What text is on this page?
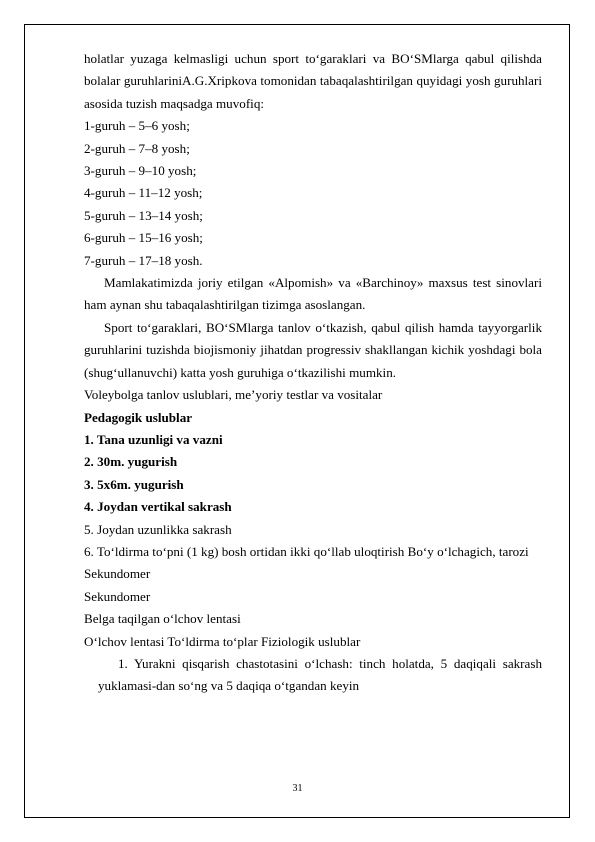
holatlar yuzaga kelmasligi uchun sport to‘garaklari va BO‘SMlarga qabul qilishda bolalar guruhlariniA.G.Xripkova tomonidan tabaqalashtirilgan quyidagi yosh guruhlari asosida tuzish maqsadga muvofiq:

1-guruh – 5–6 yosh;

2-guruh – 7–8 yosh;

3-guruh – 9–10 yosh;

4-guruh – 11–12 yosh;

5-guruh – 13–14 yosh;

6-guruh – 15–16 yosh;

7-guruh – 17–18 yosh.

Mamlakatimizda joriy etilgan «Alpomish» va «Barchinoy» maxsus test sinovlari ham aynan shu tabaqalashtirilgan tizimga asoslangan.

Sport to‘garaklari, BO‘SMlarga tanlov o‘tkazish, qabul qilish hamda tayyorgarlik guruhlarini tuzishda biojismoniy jihatdan progressiv shakllangan kichik yoshdagi bola (shug‘ullanuvchi) katta yosh guruhiga o‘tkazilishi mumkin.

Voleybolga tanlov uslublari, me’yoriy testlar va vositalar

Pedagogik uslublar

1. Tana uzunligi va vazni

2. 30m. yugurish

3. 5x6m. yugurish

4. Joydan vertikal sakrash

5. Joydan uzunlikka sakrash

6. To‘ldirma to‘pni (1 kg) bosh ortidan ikki qo‘llab uloqtirish Bo‘y o‘lchagich, tarozi

Sekundomer

Sekundomer

Belga taqilgan o‘lchov lentasi

O‘lchov lentasi To‘ldirma to‘plar Fiziologik uslublar

1. Yurakni qisqarish chastotasini o‘lchash: tinch holatda, 5 daqiqali sakrash yuklamasi-dan so‘ng va 5 daqiqa o‘tgandan keyin

31
